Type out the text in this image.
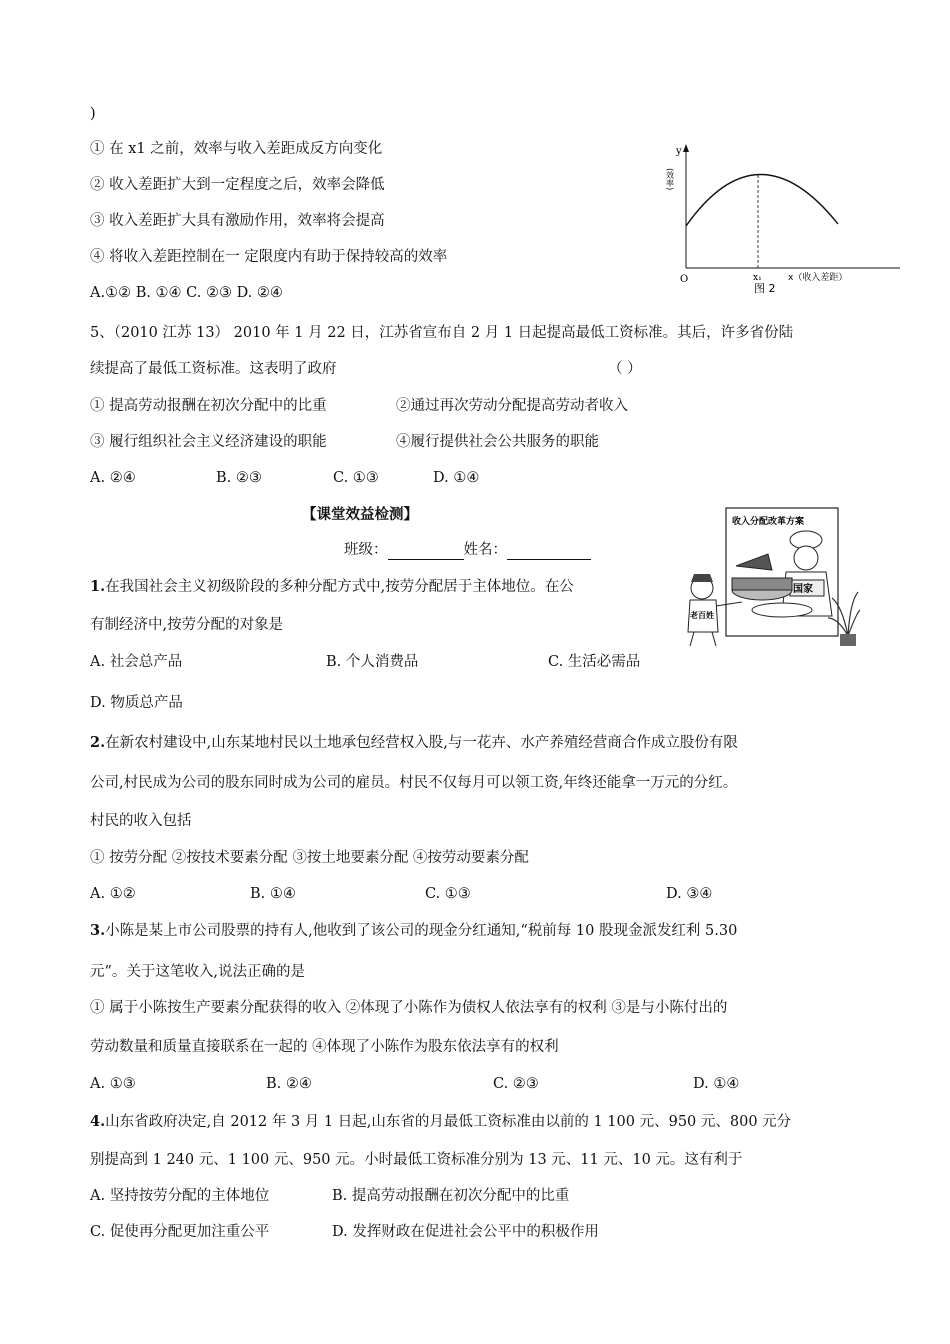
)
① 在 x1 之前，效率与收入差距成反方向变化
② 收入差距扩大到一定程度之后，效率会降低
③ 收入差距扩大具有激励作用，效率将会提高
④ 将收入差距控制在一 定限度内有助于保持较高的效率
A.①② B. ①④ C. ②③ D. ②④
y
(效率)
O	x₁	x（收入差距）
图 2
5、（2010 江苏 13） 2010 年 1 月 22 日，江苏省宣布自 2 月 1 日起提高最低工资标准。其后，许多省份陆
续提高了最低工资标准。这表明了政府	（ ）
① 提高劳动报酬在初次分配中的比重	②通过再次劳动分配提高劳动者收入
③ 履行组织社会主义经济建设的职能	④履行提供社会公共服务的职能
A. ②④	B. ②③	C. ①③	D. ①④
【课堂效益检测】
班级：	姓名：
收入分配改革方案
国家
老百姓
1.在我国社会主义初级阶段的多种分配方式中,按劳分配居于主体地位。在公
有制经济中,按劳分配的对象是
A. 社会总产品	B. 个人消费品	C. 生活必需品
D. 物质总产品
2.在新农村建设中,山东某地村民以土地承包经营权入股,与一花卉、水产养殖经营商合作成立股份有限
公司,村民成为公司的股东同时成为公司的雇员。村民不仅每月可以领工资,年终还能拿一万元的分红。
村民的收入包括
① 按劳分配 ②按技术要素分配 ③按土地要素分配 ④按劳动要素分配
A. ①②	B. ①④	C. ①③	D. ③④
3.小陈是某上市公司股票的持有人,他收到了该公司的现金分红通知,“税前每 10 股现金派发红利 5.30
元”。关于这笔收入,说法正确的是
① 属于小陈按生产要素分配获得的收入 ②体现了小陈作为债权人依法享有的权利 ③是与小陈付出的
劳动数量和质量直接联系在一起的 ④体现了小陈作为股东依法享有的权利
A. ①③	B. ②④	C. ②③	D. ①④
4.山东省政府决定,自 2012 年 3 月 1 日起,山东省的月最低工资标准由以前的 1 100 元、950 元、800 元分
别提高到 1 240 元、1 100 元、950 元。小时最低工资标准分别为 13 元、11 元、10 元。这有利于
A. 坚持按劳分配的主体地位	B. 提高劳动报酬在初次分配中的比重
C. 促使再分配更加注重公平	D. 发挥财政在促进社会公平中的积极作用
